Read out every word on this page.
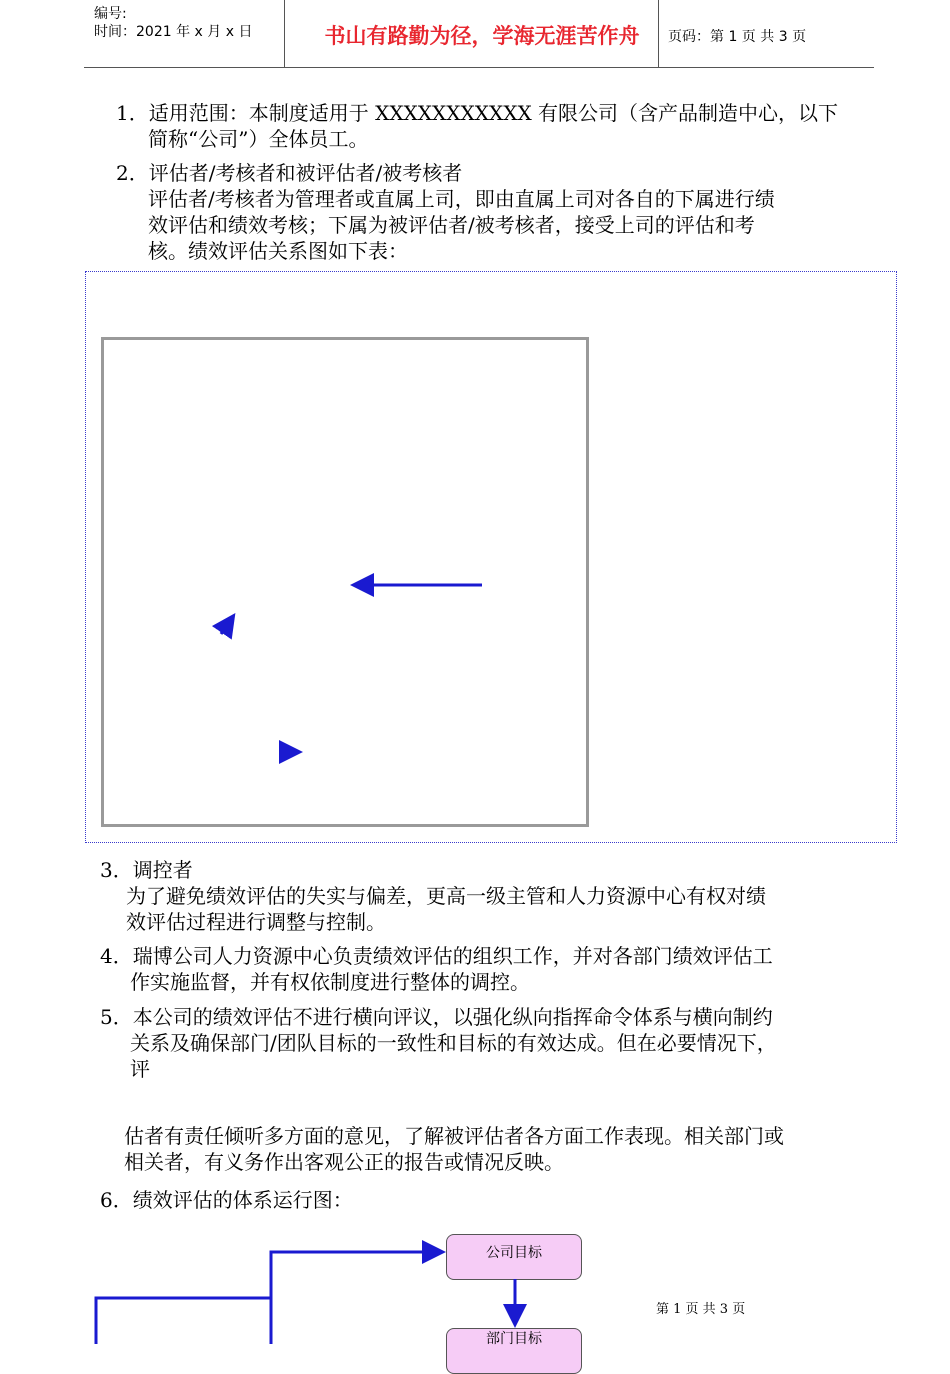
编号:
时间：2021 年 x 月 x 日	书山有路勤为径，学海无涯苦作舟	页码：第 1 页 共 3 页
1．适用范围：本制度适用于 XXXXXXXXXXX 有限公司（含产品制造中心，以下
简称“公司”）全体员工。
2．评估者/考核者和被评估者/被考核者
评估者/考核者为管理者或直属上司，即由直属上司对各自的下属进行绩
效评估和绩效考核；下属为被评估者/被考核者，接受上司的评估和考
核。绩效评估关系图如下表：
3．调控者
为了避免绩效评估的失实与偏差，更高一级主管和人力资源中心有权对绩
效评估过程进行调整与控制。
4．瑞博公司人力资源中心负责绩效评估的组织工作，并对各部门绩效评估工
作实施监督，并有权依制度进行整体的调控。
5．本公司的绩效评估不进行横向评议，以强化纵向指挥命令体系与横向制约
关系及确保部门/团队目标的一致性和目标的有效达成。但在必要情况下，
评
估者有责任倾听多方面的意见，了解被评估者各方面工作表现。相关部门或
相关者，有义务作出客观公正的报告或情况反映。
6．绩效评估的体系运行图：
公司目标
部门目标
第 1 页 共 3 页
